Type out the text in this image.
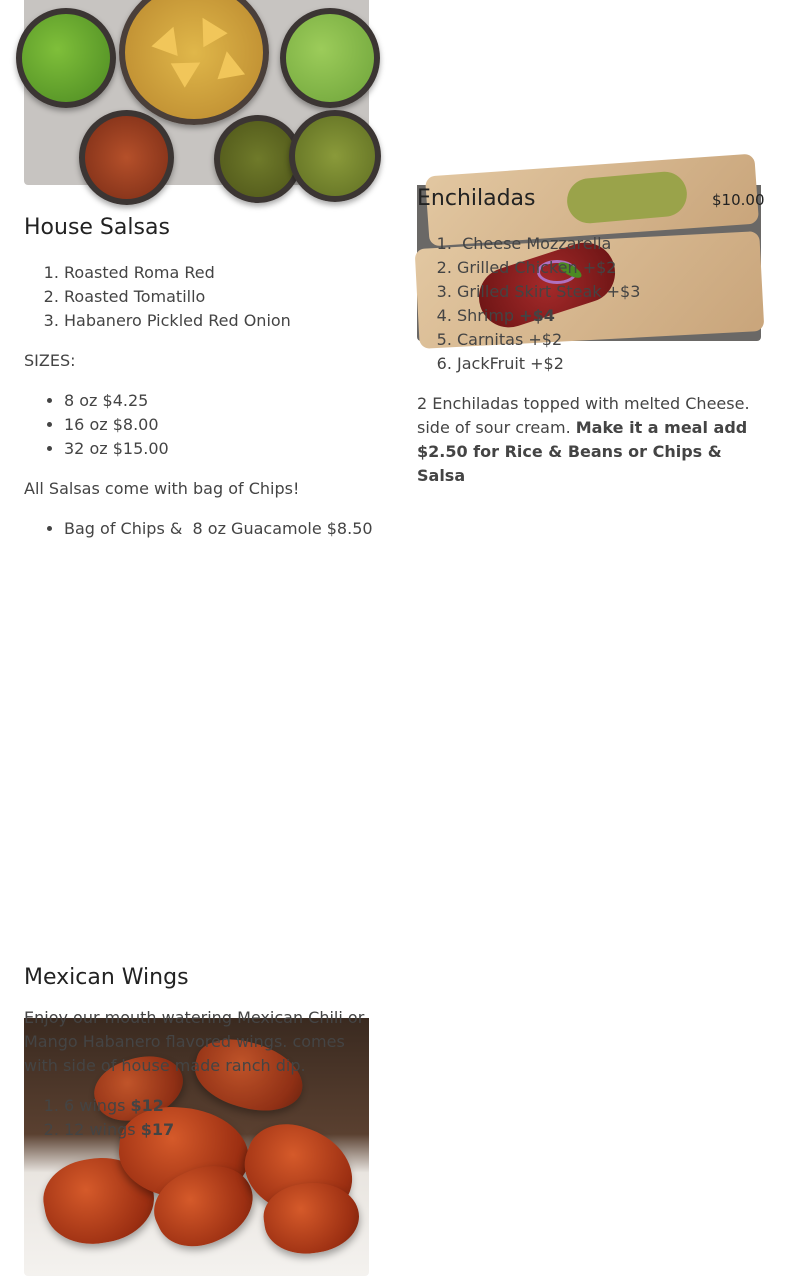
House Salsas
1. Roasted Roma Red
2. Roasted Tomatillo
3. Habanero Pickled Red Onion

SIZES:

• 8 oz $4.25
• 16 oz $8.00
• 32 oz $15.00

All Salsas come with bag of Chips!

• Bag of Chips &  8 oz Guacamole $8.50
Enchiladas	$10.00
1.  Cheese Mozzarella
2. Grilled Chicken +$2
3. Grilled Skirt Steak +$3
4. Shrimp +$4
5. Carnitas +$2
6. JackFruit +$2

2 Enchiladas topped with melted Cheese. side of sour cream. Make it a meal add $2.50 for Rice & Beans or Chips & Salsa

Mexican Wings

Enjoy our mouth watering Mexican Chili or Mango Habanero flavored wings. comes with side of house made ranch dip.

1. 6 wings $12
2. 12 wings $17
